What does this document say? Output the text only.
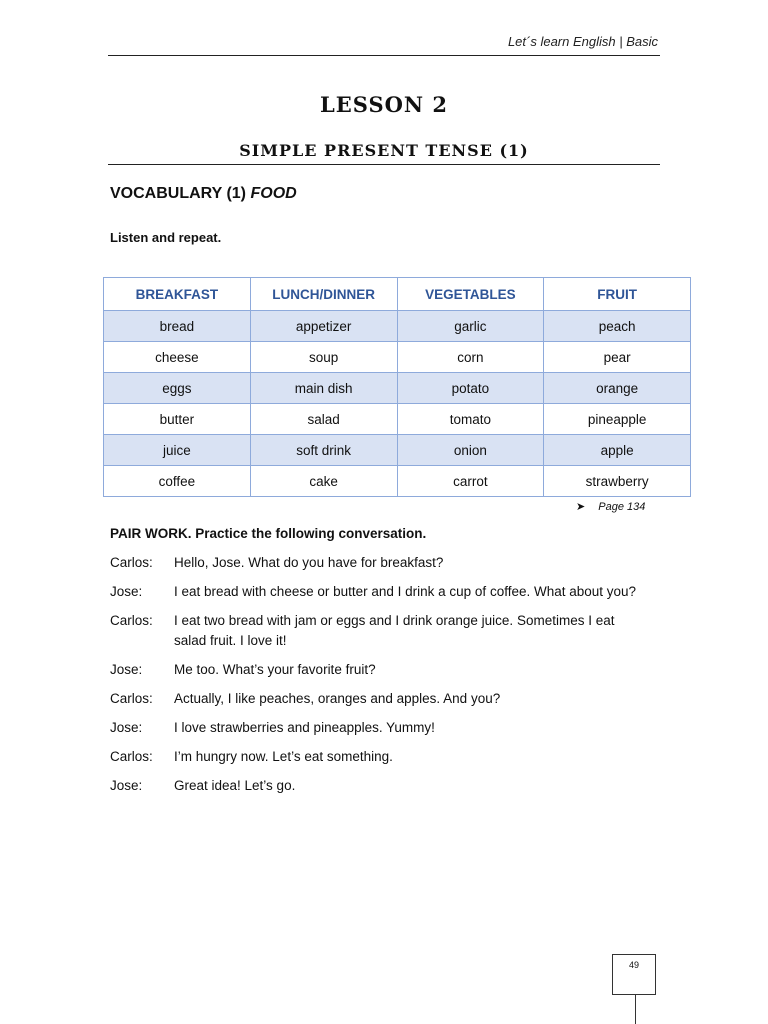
Let´s learn English | Basic
LESSON 2
SIMPLE PRESENT TENSE (1)
VOCABULARY (1) FOOD
Listen and repeat.
BREAKFAST	LUNCH/DINNER	VEGETABLES	FRUIT
bread	appetizer	garlic	peach
cheese	soup	corn	pear
eggs	main dish	potato	orange
butter	salad	tomato	pineapple
juice	soft drink	onion	apple
coffee	cake	carrot	strawberry
➤ Page 134
PAIR WORK. Practice the following conversation.
Carlos:	Hello, Jose. What do you have for breakfast?
Jose:	I eat bread with cheese or butter and I drink a cup of coffee. What about you?
Carlos:	I eat two bread with jam or eggs and I drink orange juice. Sometimes I eat salad fruit. I love it!
Jose:	Me too. What’s your favorite fruit?
Carlos:	Actually, I like peaches, oranges and apples. And you?
Jose:	I love strawberries and pineapples. Yummy!
Carlos:	I’m hungry now. Let’s eat something.
Jose:	Great idea! Let’s go.
49
